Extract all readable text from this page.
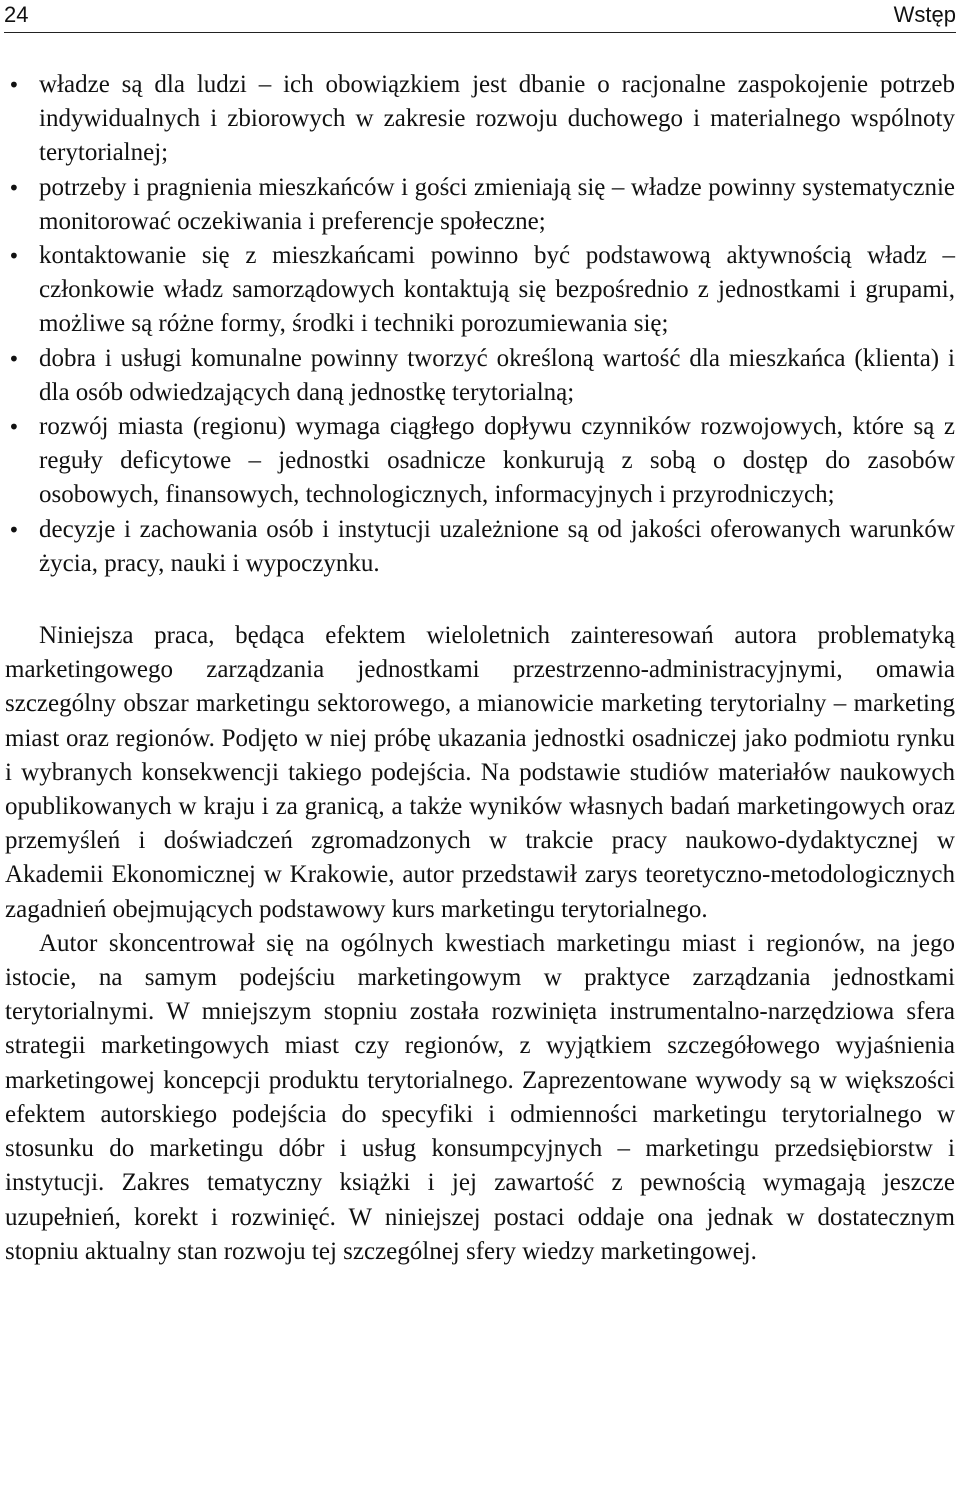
24	Wstęp
• władze są dla ludzi – ich obowiązkiem jest dbanie o racjonalne zaspokojenie potrzeb indywidualnych i zbiorowych w zakresie rozwoju duchowego i materialnego wspólnoty terytorialnej;
• potrzeby i pragnienia mieszkańców i gości zmieniają się – władze powinny systematycznie monitorować oczekiwania i preferencje społeczne;
• kontaktowanie się z mieszkańcami powinno być podstawową aktywnością władz – członkowie władz samorządowych kontaktują się bezpośrednio z jednostkami i grupami, możliwe są różne formy, środki i techniki porozumiewania się;
• dobra i usługi komunalne powinny tworzyć określoną wartość dla mieszkańca (klienta) i dla osób odwiedzających daną jednostkę terytorialną;
• rozwój miasta (regionu) wymaga ciągłego dopływu czynników rozwojowych, które są z reguły deficytowe – jednostki osadnicze konkurują z sobą o dostęp do zasobów osobowych, finansowych, technologicznych, informacyjnych i przyrodniczych;
• decyzje i zachowania osób i instytucji uzależnione są od jakości oferowanych warunków życia, pracy, nauki i wypoczynku.

Niniejsza praca, będąca efektem wieloletnich zainteresowań autora problematyką marketingowego zarządzania jednostkami przestrzenno-administracyjnymi, omawia szczególny obszar marketingu sektorowego, a mianowicie marketing terytorialny – marketing miast oraz regionów. Podjęto w niej próbę ukazania jednostki osadniczej jako podmiotu rynku i wybranych konsekwencji takiego podejścia. Na podstawie studiów materiałów naukowych opublikowanych w kraju i za granicą, a także wyników własnych badań marketingowych oraz przemyśleń i doświadczeń zgromadzonych w trakcie pracy naukowo-dydaktycznej w Akademii Ekonomicznej w Krakowie, autor przedstawił zarys teoretyczno-metodologicznych zagadnień obejmujących podstawowy kurs marketingu terytorialnego.

Autor skoncentrował się na ogólnych kwestiach marketingu miast i regionów, na jego istocie, na samym podejściu marketingowym w praktyce zarządzania jednostkami terytorialnymi. W mniejszym stopniu została rozwinięta instrumentalno-narzędziowa sfera strategii marketingowych miast czy regionów, z wyjątkiem szczegółowego wyjaśnienia marketingowej koncepcji produktu terytorialnego. Zaprezentowane wywody są w większości efektem autorskiego podejścia do specyfiki i odmienności marketingu terytorialnego w stosunku do marketingu dóbr i usług konsumpcyjnych – marketingu przedsiębiorstw i instytucji. Zakres tematyczny książki i jej zawartość z pewnością wymagają jeszcze uzupełnień, korekt i rozwinięć. W niniejszej postaci oddaje ona jednak w dostatecznym stopniu aktualny stan rozwoju tej szczególnej sfery wiedzy marketingowej.
